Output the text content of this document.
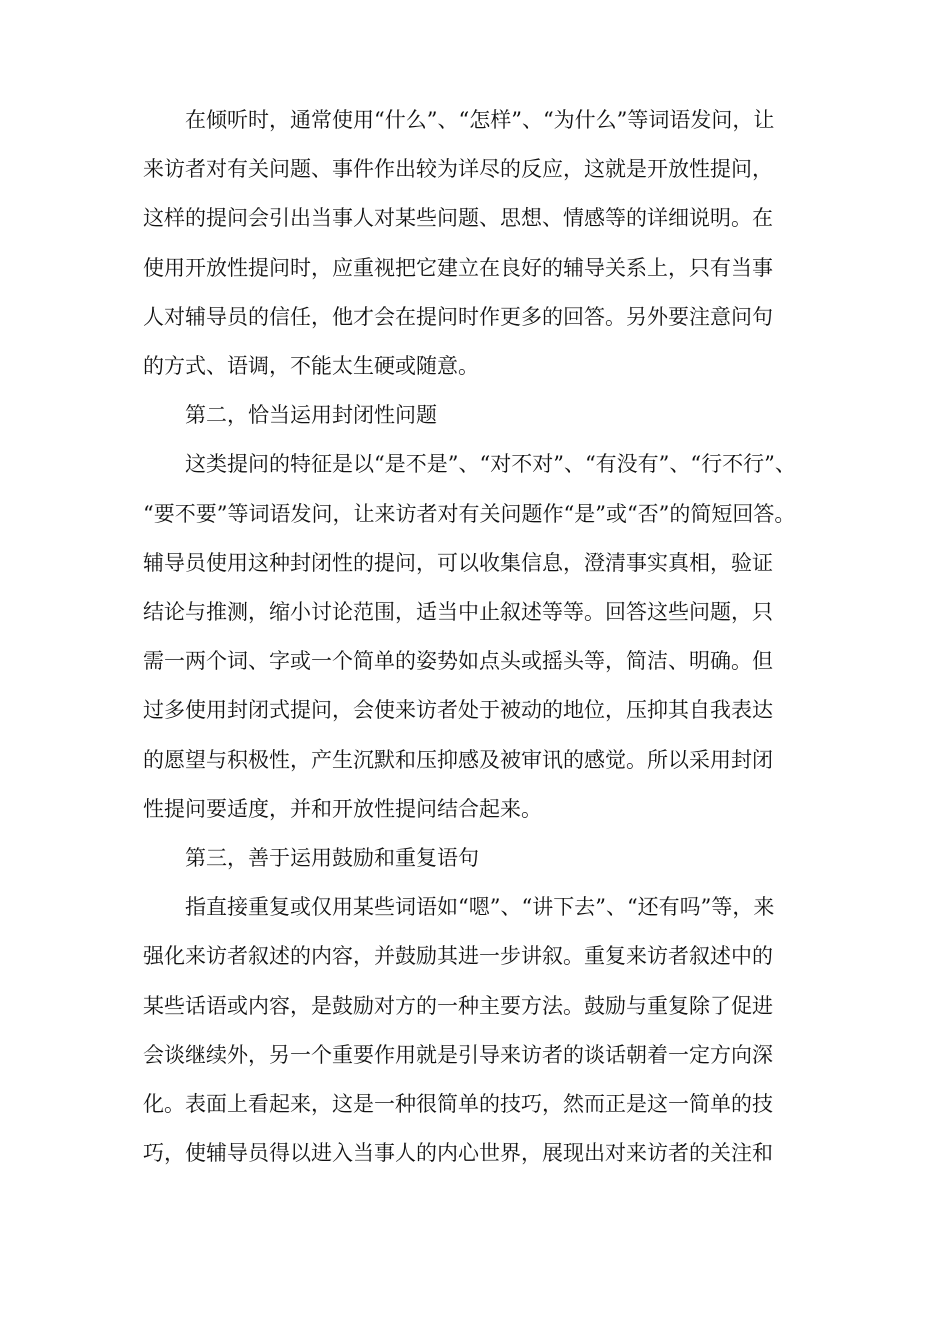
在倾听时，通常使用“什么”、“怎样”、“为什么”等词语发问，让
来访者对有关问题、事件作出较为详尽的反应，这就是开放性提问，
这样的提问会引出当事人对某些问题、思想、情感等的详细说明。在
使用开放性提问时，应重视把它建立在良好的辅导关系上，只有当事
人对辅导员的信任，他才会在提问时作更多的回答。另外要注意问句
的方式、语调，不能太生硬或随意。

第二，恰当运用封闭性问题

这类提问的特征是以“是不是”、“对不对”、“有没有”、“行不行”、
“要不要”等词语发问，让来访者对有关问题作“是”或“否”的简短回答。
辅导员使用这种封闭性的提问，可以收集信息，澄清事实真相，验证
结论与推测，缩小讨论范围，适当中止叙述等等。回答这些问题，只
需一两个词、字或一个简单的姿势如点头或摇头等，简洁、明确。但
过多使用封闭式提问，会使来访者处于被动的地位，压抑其自我表达
的愿望与积极性，产生沉默和压抑感及被审讯的感觉。所以采用封闭
性提问要适度，并和开放性提问结合起来。

第三，善于运用鼓励和重复语句

指直接重复或仅用某些词语如“嗯”、“讲下去”、“还有吗”等，来
强化来访者叙述的内容，并鼓励其进一步讲叙。重复来访者叙述中的
某些话语或内容，是鼓励对方的一种主要方法。鼓励与重复除了促进
会谈继续外，另一个重要作用就是引导来访者的谈话朝着一定方向深
化。表面上看起来，这是一种很简单的技巧，然而正是这一简单的技
巧，使辅导员得以进入当事人的内心世界，展现出对来访者的关注和
